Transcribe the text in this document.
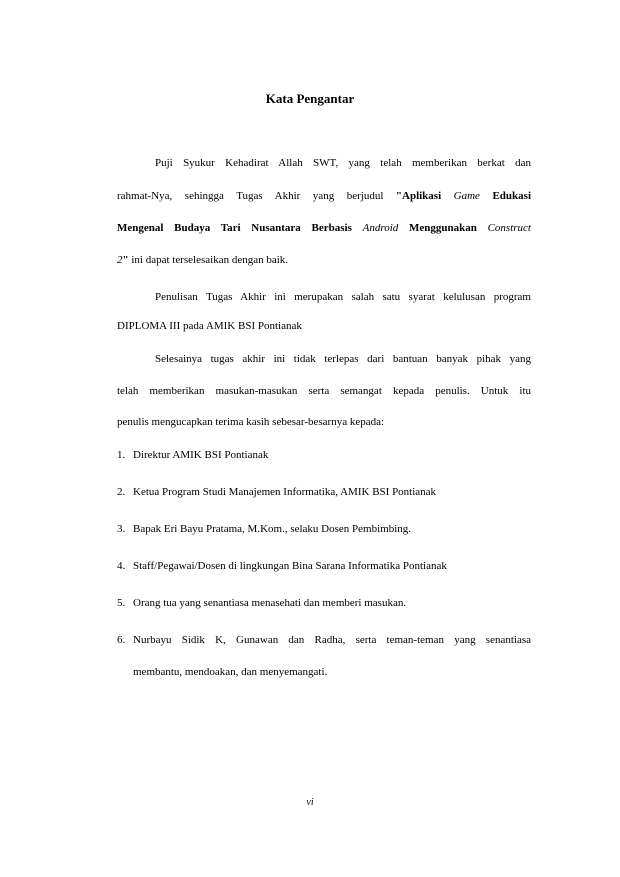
Kata Pengantar
Puji Syukur Kehadirat Allah SWT, yang telah memberikan berkat dan
rahmat-Nya, sehingga Tugas Akhir yang berjudul "Aplikasi Game Edukasi
Mengenal Budaya Tari Nusantara Berbasis Android Menggunakan Construct
2" ini dapat terselesaikan dengan baik.
Penulisan Tugas Akhir ini merupakan salah satu syarat kelulusan program
DIPLOMA III pada AMIK BSI Pontianak
Selesainya tugas akhir ini tidak terlepas dari bantuan banyak pihak yang
telah memberikan masukan-masukan serta semangat kepada penulis. Untuk itu
penulis mengucapkan terima kasih sebesar-besarnya kepada:
1. Direktur AMIK BSI Pontianak
2. Ketua Program Studi Manajemen Informatika, AMIK BSI Pontianak
3. Bapak Eri Bayu Pratama, M.Kom., selaku Dosen Pembimbing.
4. Staff/Pegawai/Dosen di lingkungan Bina Sarana Informatika Pontianak
5. Orang tua yang senantiasa menasehati dan memberi masukan.
6. Nurbayu Sidik K, Gunawan dan Radha, serta teman-teman yang senantiasa
membantu, mendoakan, dan menyemangati.
vi
